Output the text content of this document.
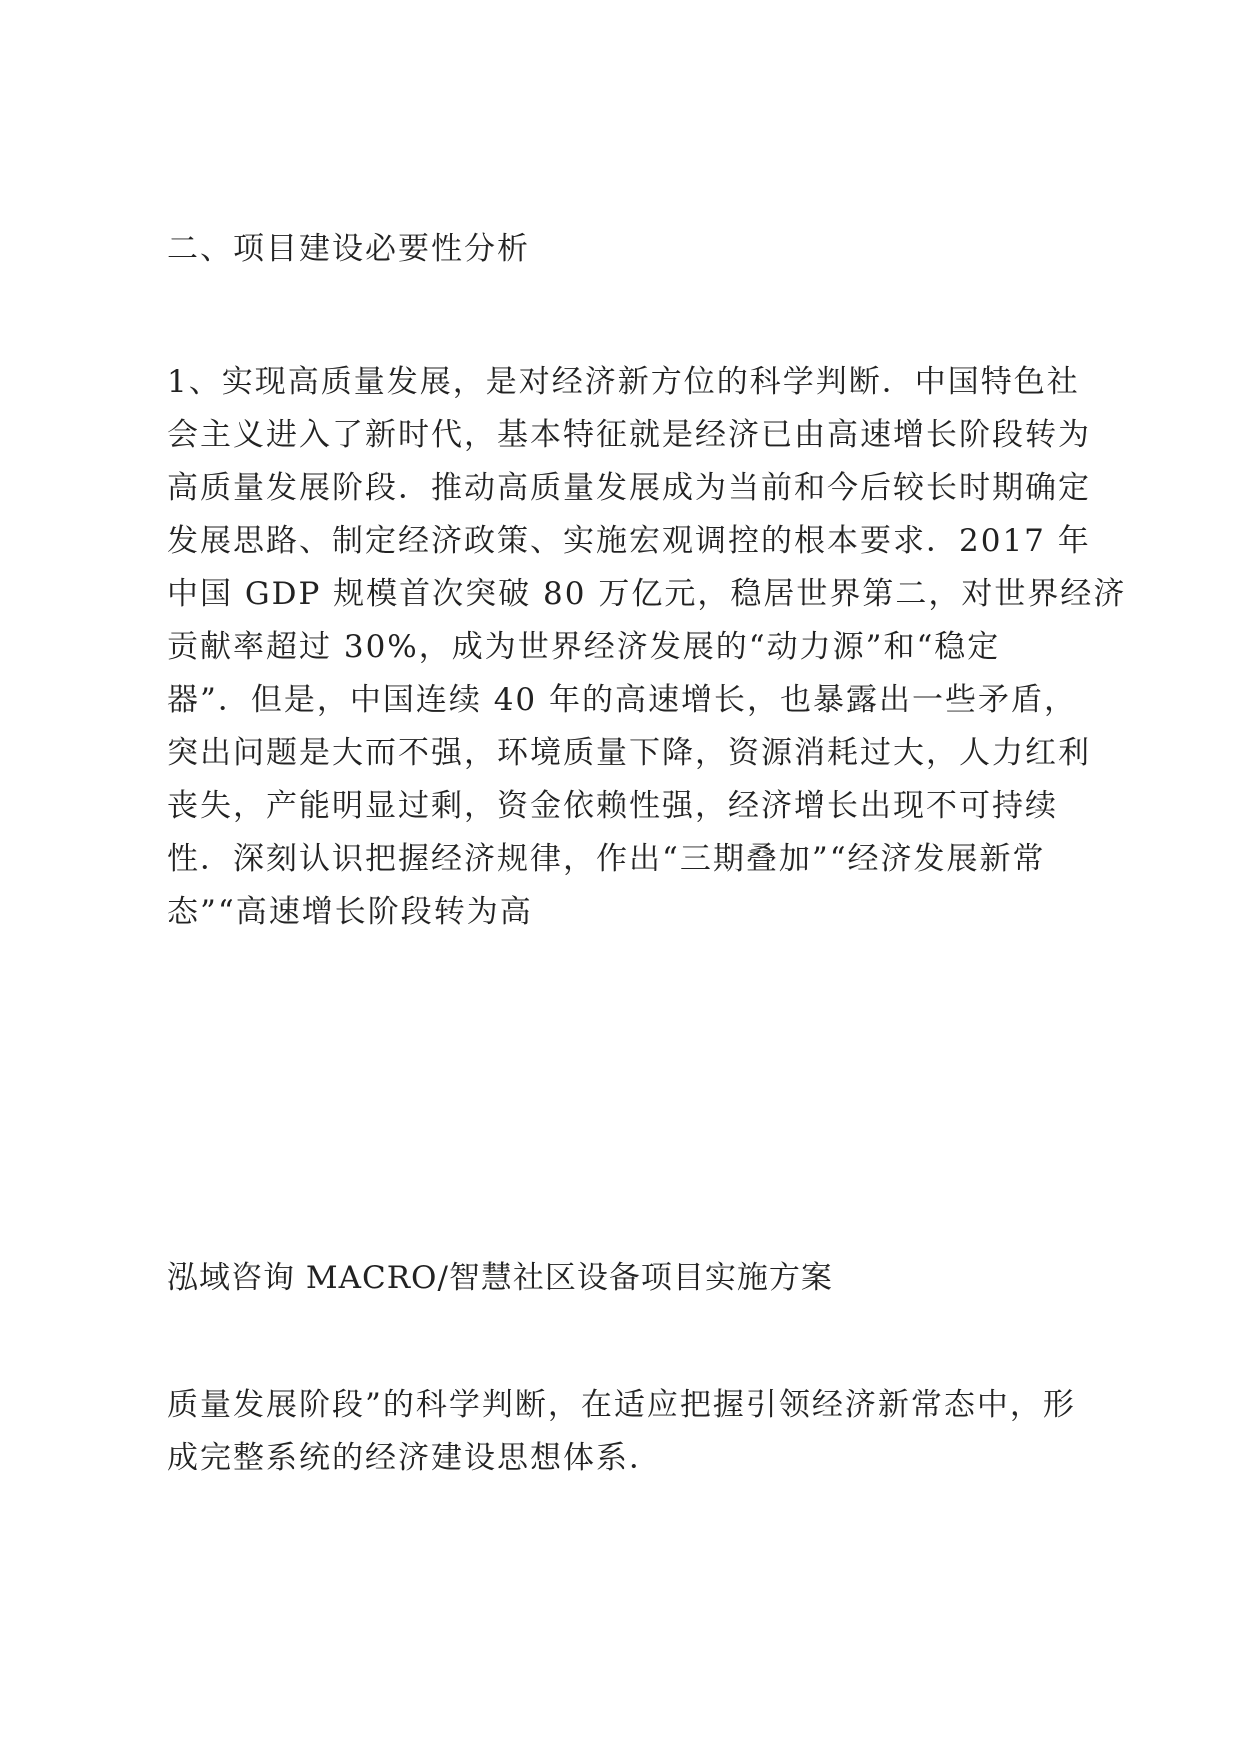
二、项目建设必要性分析
1、实现高质量发展，是对经济新方位的科学判断．中国特色社
会主义进入了新时代，基本特征就是经济已由高速增长阶段转为
高质量发展阶段．推动高质量发展成为当前和今后较长时期确定
发展思路、制定经济政策、实施宏观调控的根本要求．2017 年
中国 GDP 规模首次突破 80 万亿元，稳居世界第二，对世界经济
贡献率超过 30%，成为世界经济发展的“动力源”和“稳定
器”．但是，中国连续 40 年的高速增长，也暴露出一些矛盾，
突出问题是大而不强，环境质量下降，资源消耗过大，人力红利
丧失，产能明显过剩，资金依赖性强，经济增长出现不可持续
性．深刻认识把握经济规律，作出“三期叠加”“经济发展新常
态”“高速增长阶段转为高
泓域咨询 MACRO/智慧社区设备项目实施方案
质量发展阶段”的科学判断，在适应把握引领经济新常态中，形
成完整系统的经济建设思想体系．
